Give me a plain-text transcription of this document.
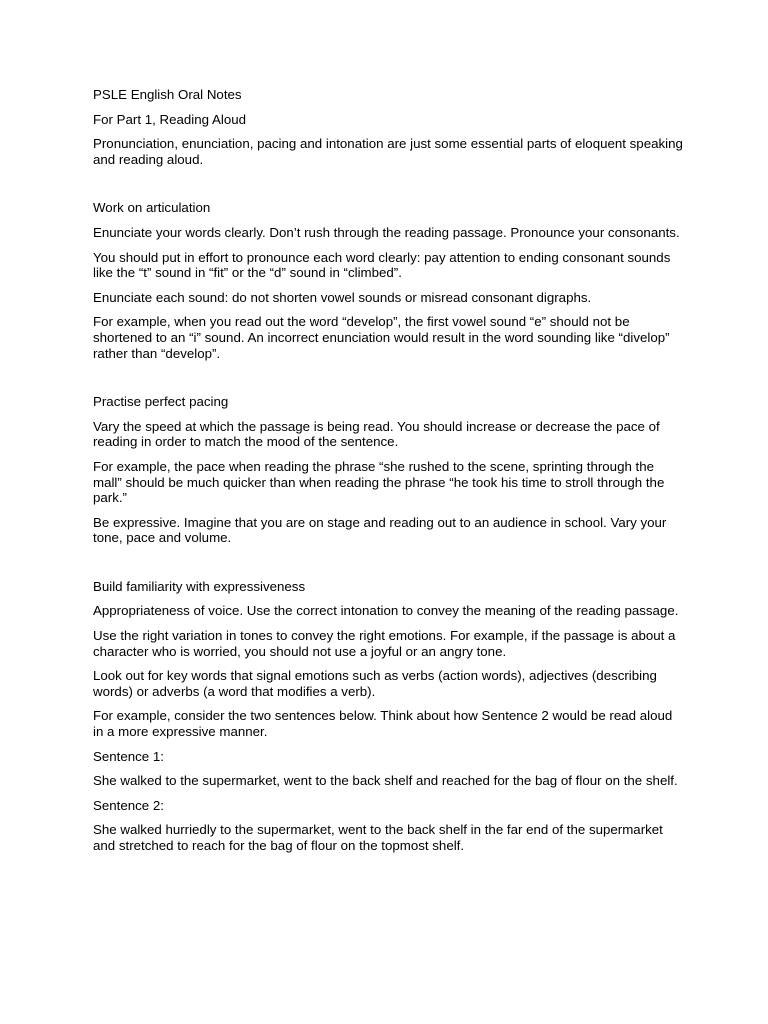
PSLE English Oral Notes

For Part 1, Reading Aloud

Pronunciation, enunciation, pacing and intonation are just some essential parts of eloquent speaking and reading aloud.

Work on articulation

Enunciate your words clearly. Don’t rush through the reading passage. Pronounce your consonants.

You should put in effort to pronounce each word clearly: pay attention to ending consonant sounds like the “t” sound in “fit” or the “d” sound in “climbed”.

Enunciate each sound: do not shorten vowel sounds or misread consonant digraphs.

For example, when you read out the word “develop”, the first vowel sound “e” should not be shortened to an “i” sound. An incorrect enunciation would result in the word sounding like “divelop” rather than “develop”.

Practise perfect pacing

Vary the speed at which the passage is being read. You should increase or decrease the pace of reading in order to match the mood of the sentence.

For example, the pace when reading the phrase “she rushed to the scene, sprinting through the mall” should be much quicker than when reading the phrase “he took his time to stroll through the park.”

Be expressive. Imagine that you are on stage and reading out to an audience in school. Vary your tone, pace and volume.

Build familiarity with expressiveness

Appropriateness of voice. Use the correct intonation to convey the meaning of the reading passage.

Use the right variation in tones to convey the right emotions. For example, if the passage is about a character who is worried, you should not use a joyful or an angry tone.

Look out for key words that signal emotions such as verbs (action words), adjectives (describing words) or adverbs (a word that modifies a verb).

For example, consider the two sentences below. Think about how Sentence 2 would be read aloud in a more expressive manner.

Sentence 1:

She walked to the supermarket, went to the back shelf and reached for the bag of flour on the shelf.

Sentence 2:

She walked hurriedly to the supermarket, went to the back shelf in the far end of the supermarket and stretched to reach for the bag of flour on the topmost shelf.
